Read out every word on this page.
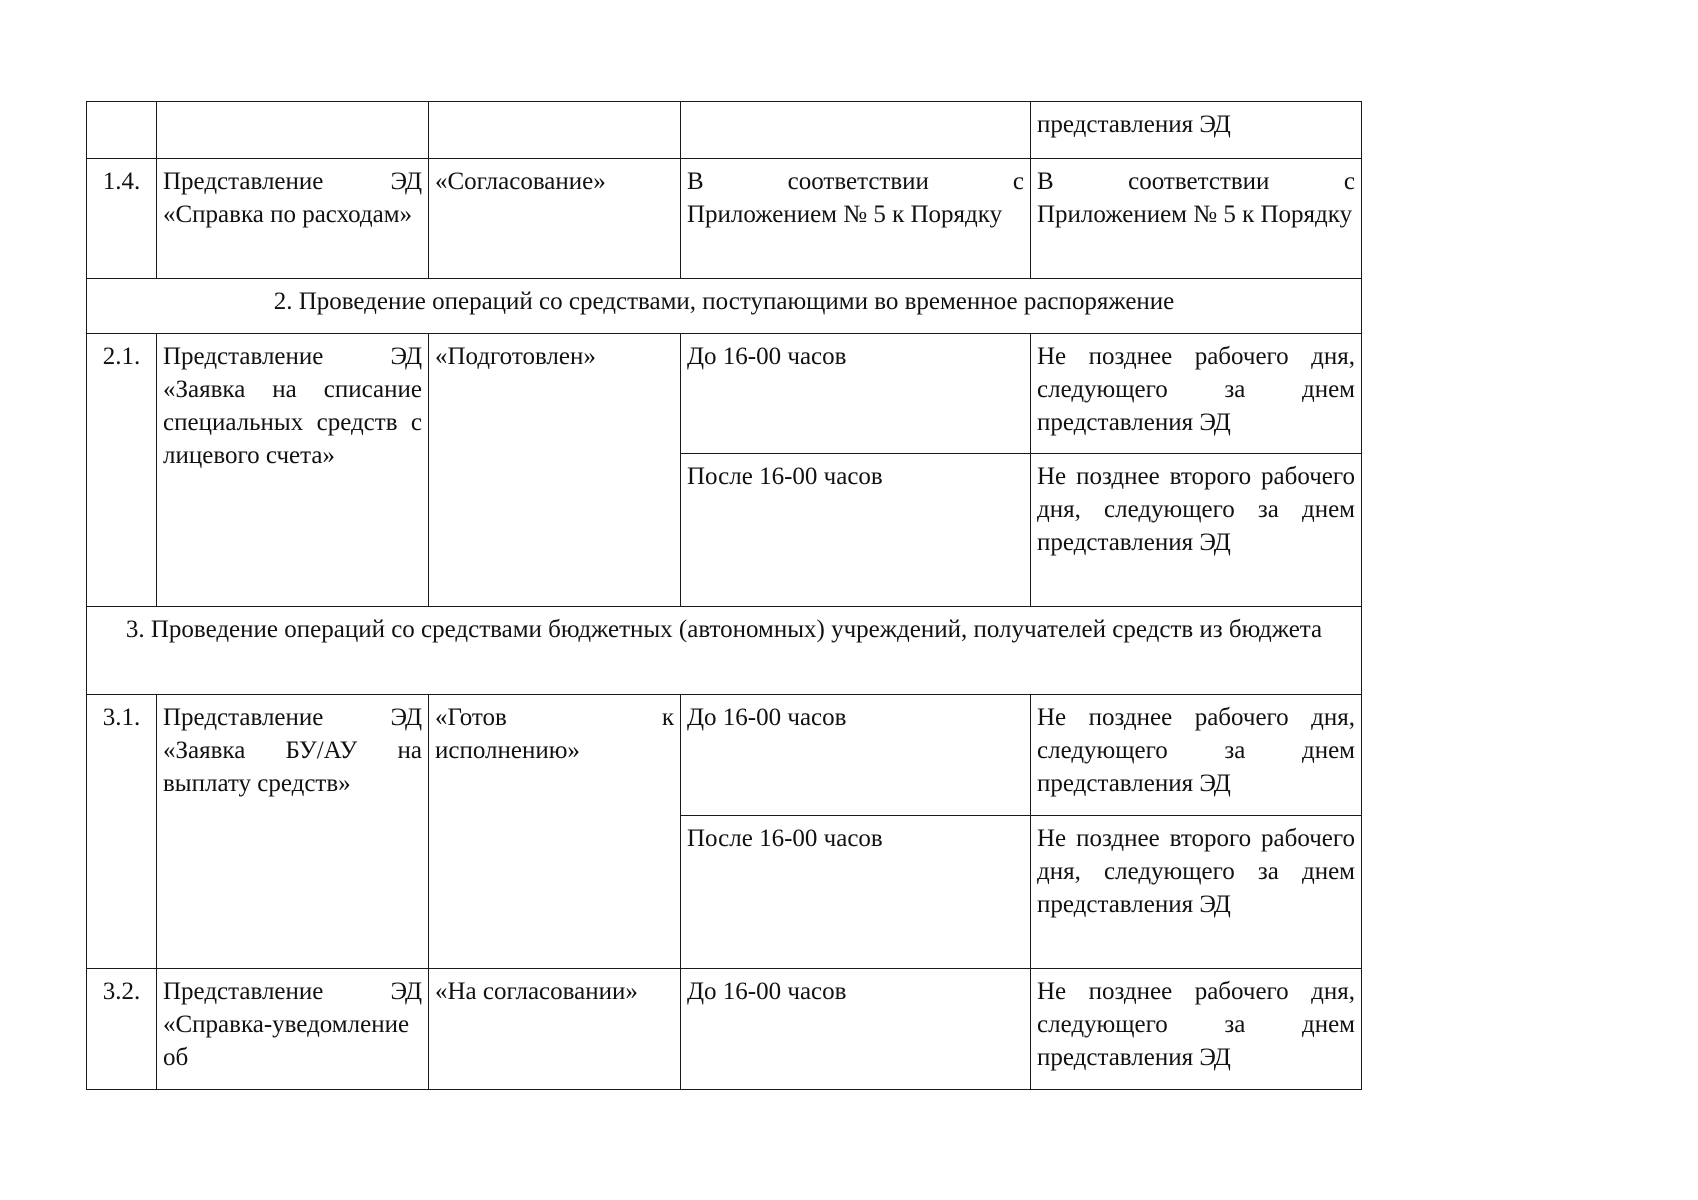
				представления ЭД
1.4.	Представление ЭД «Справка по расходам»	«Согласование»	В соответствии с Приложением № 5 к Порядку	В соответствии с Приложением № 5 к Порядку
2. Проведение операций со средствами, поступающими во временное распоряжение				
2.1.	Представление ЭД «Заявка на списание специальных средств с лицевого счета»	«Подготовлен»	До 16-00 часов	Не позднее рабочего дня, следующего за днем представления ЭД
			После 16-00 часов	Не позднее второго рабочего дня, следующего за днем представления ЭД
3. Проведение операций со средствами бюджетных (автономных) учреждений, получателей средств из бюджета				
3.1.	Представление ЭД «Заявка БУ/АУ на выплату средств»	«Готов к исполнению»	До 16-00 часов	Не позднее рабочего дня, следующего за днем представления ЭД
			После 16-00 часов	Не позднее второго рабочего дня, следующего за днем представления ЭД
3.2.	Представление ЭД «Справка-уведомление об	«На согласовании»	До 16-00 часов	Не позднее рабочего дня, следующего за днем представления ЭД
